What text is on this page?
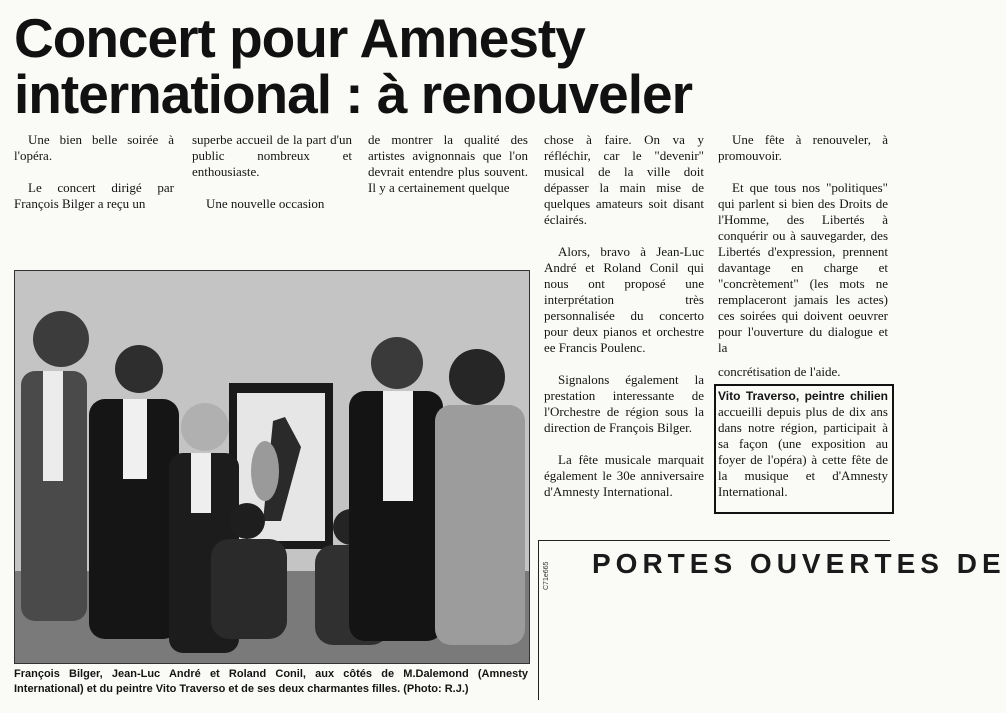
Concert pour Amnesty
international : à renouveler

Une bien belle soirée à l'opéra.

Le concert dirigé par François Bilger a reçu un

superbe accueil de la part d'un public nombreux et enthousiaste.

Une nouvelle occasion

de montrer la qualité des artistes avignonnais que l'on devrait entendre plus souvent. Il y a certainement quelque

chose à faire. On va y réfléchir, car le "devenir" musical de la ville doit dépasser la main mise de quelques amateurs soit disant éclairés.

Alors, bravo à Jean-Luc André et Roland Conil qui nous ont proposé une interprétation très personnalisée du concerto pour deux pianos et orchestre ee Francis Poulenc.

Signalons également la prestation interessante de l'Orchestre de région sous la direction de François Bilger.

La fête musicale marquait également le 30e anniversaire d'Amnesty International.

Une fête à renouveler, à promouvoir.

Et que tous nos "politiques" qui parlent si bien des Droits de l'Homme, des Libertés à conquérir ou à sauvegarder, des Libertés d'expression, prennent davantage en charge et "concrètement" (les mots ne remplaceront jamais les actes) ces soirées qui doivent oeuvrer pour l'ouverture du dialogue et la

concrétisation de l'aide.

Vito Traverso, peintre chilien accueilli depuis plus de dix ans dans notre région, participait à sa façon (une exposition au foyer de l'opéra) à cette fête de la musique et d'Amnesty International.
François Bilger, Jean-Luc André et Roland Conil, aux côtés de M.Dalemond (Amnesty International) et du peintre Vito Traverso et de ses deux charmantes filles. (Photo: R.J.)
PORTES OUVERTES DE
C71e665
